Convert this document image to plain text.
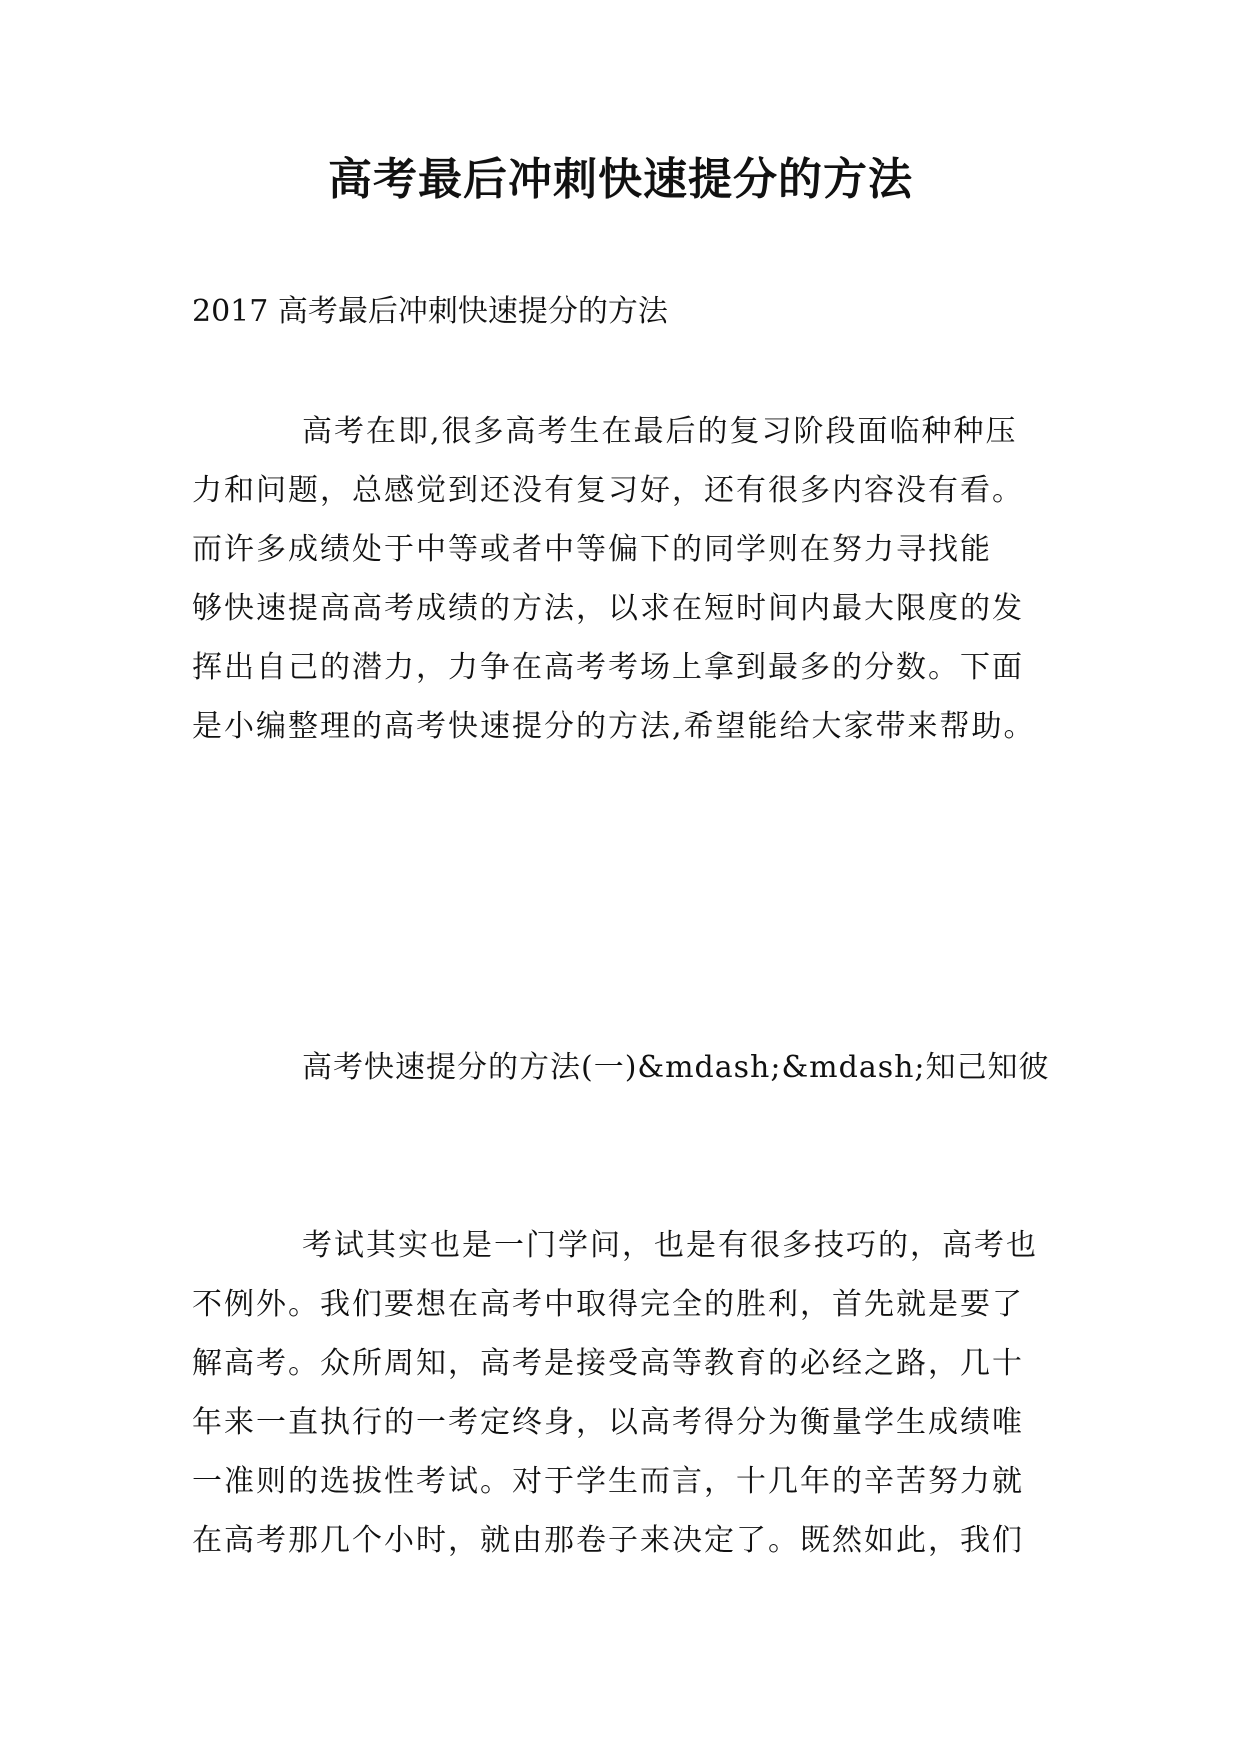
高考最后冲刺快速提分的方法

2017 高考最后冲刺快速提分的方法

高考在即,很多高考生在最后的复习阶段面临种种压
力和问题，总感觉到还没有复习好，还有很多内容没有看。
而许多成绩处于中等或者中等偏下的同学则在努力寻找能
够快速提高高考成绩的方法，以求在短时间内最大限度的发
挥出自己的潜力，力争在高考考场上拿到最多的分数。下面
是小编整理的高考快速提分的方法,希望能给大家带来帮助。
高考快速提分的方法(一)&mdash;&mdash;知己知彼
考试其实也是一门学问，也是有很多技巧的，高考也
不例外。我们要想在高考中取得完全的胜利，首先就是要了
解高考。众所周知，高考是接受高等教育的必经之路，几十
年来一直执行的一考定终身，以高考得分为衡量学生成绩唯
一准则的选拔性考试。对于学生而言，十几年的辛苦努力就
在高考那几个小时，就由那卷子来决定了。既然如此，我们
